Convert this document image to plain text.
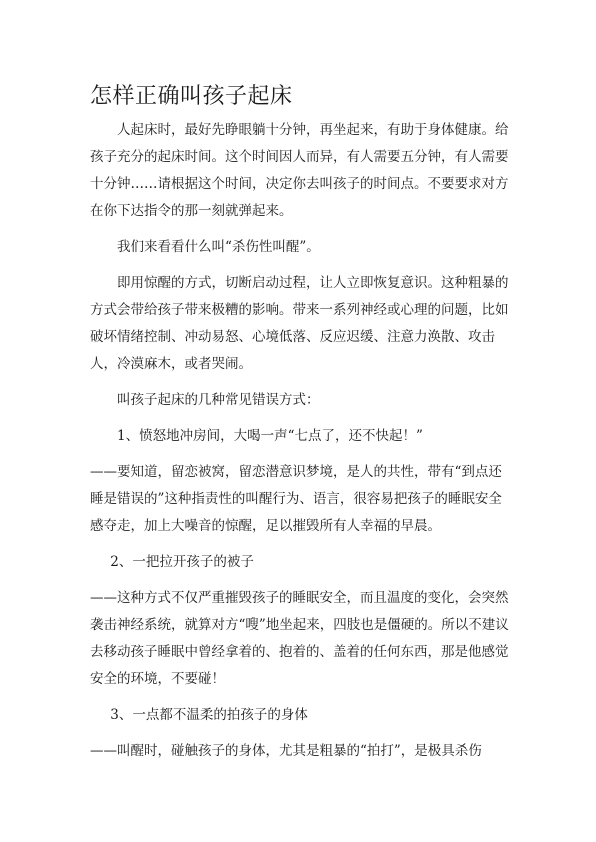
怎样正确叫孩子起床

人起床时，最好先睁眼躺十分钟，再坐起来，有助于身体健康。给孩子充分的起床时间。这个时间因人而异，有人需要五分钟，有人需要十分钟……请根据这个时间，决定你去叫孩子的时间点。不要要求对方在你下达指令的那一刻就弹起来。

我们来看看什么叫“杀伤性叫醒”。

即用惊醒的方式，切断启动过程，让人立即恢复意识。这种粗暴的方式会带给孩子带来极糟的影响。带来一系列神经或心理的问题，比如破坏情绪控制、冲动易怒、心境低落、反应迟缓、注意力涣散、攻击人，冷漠麻木，或者哭闹。

叫孩子起床的几种常见错误方式：

1、愤怒地冲房间，大喝一声“七点了，还不快起！”

——要知道，留恋被窝，留恋潜意识梦境，是人的共性，带有“到点还睡是错误的”这种指责性的叫醒行为、语言，很容易把孩子的睡眠安全感夺走，加上大噪音的惊醒，足以摧毁所有人幸福的早晨。

2、一把拉开孩子的被子

——这种方式不仅严重摧毁孩子的睡眠安全，而且温度的变化，会突然袭击神经系统，就算对方“嗖”地坐起来，四肢也是僵硬的。所以不建议去移动孩子睡眠中曾经拿着的、抱着的、盖着的任何东西，那是他感觉安全的环境，不要碰！

3、一点都不温柔的拍孩子的身体

——叫醒时，碰触孩子的身体，尤其是粗暴的“拍打”，是极具杀伤
